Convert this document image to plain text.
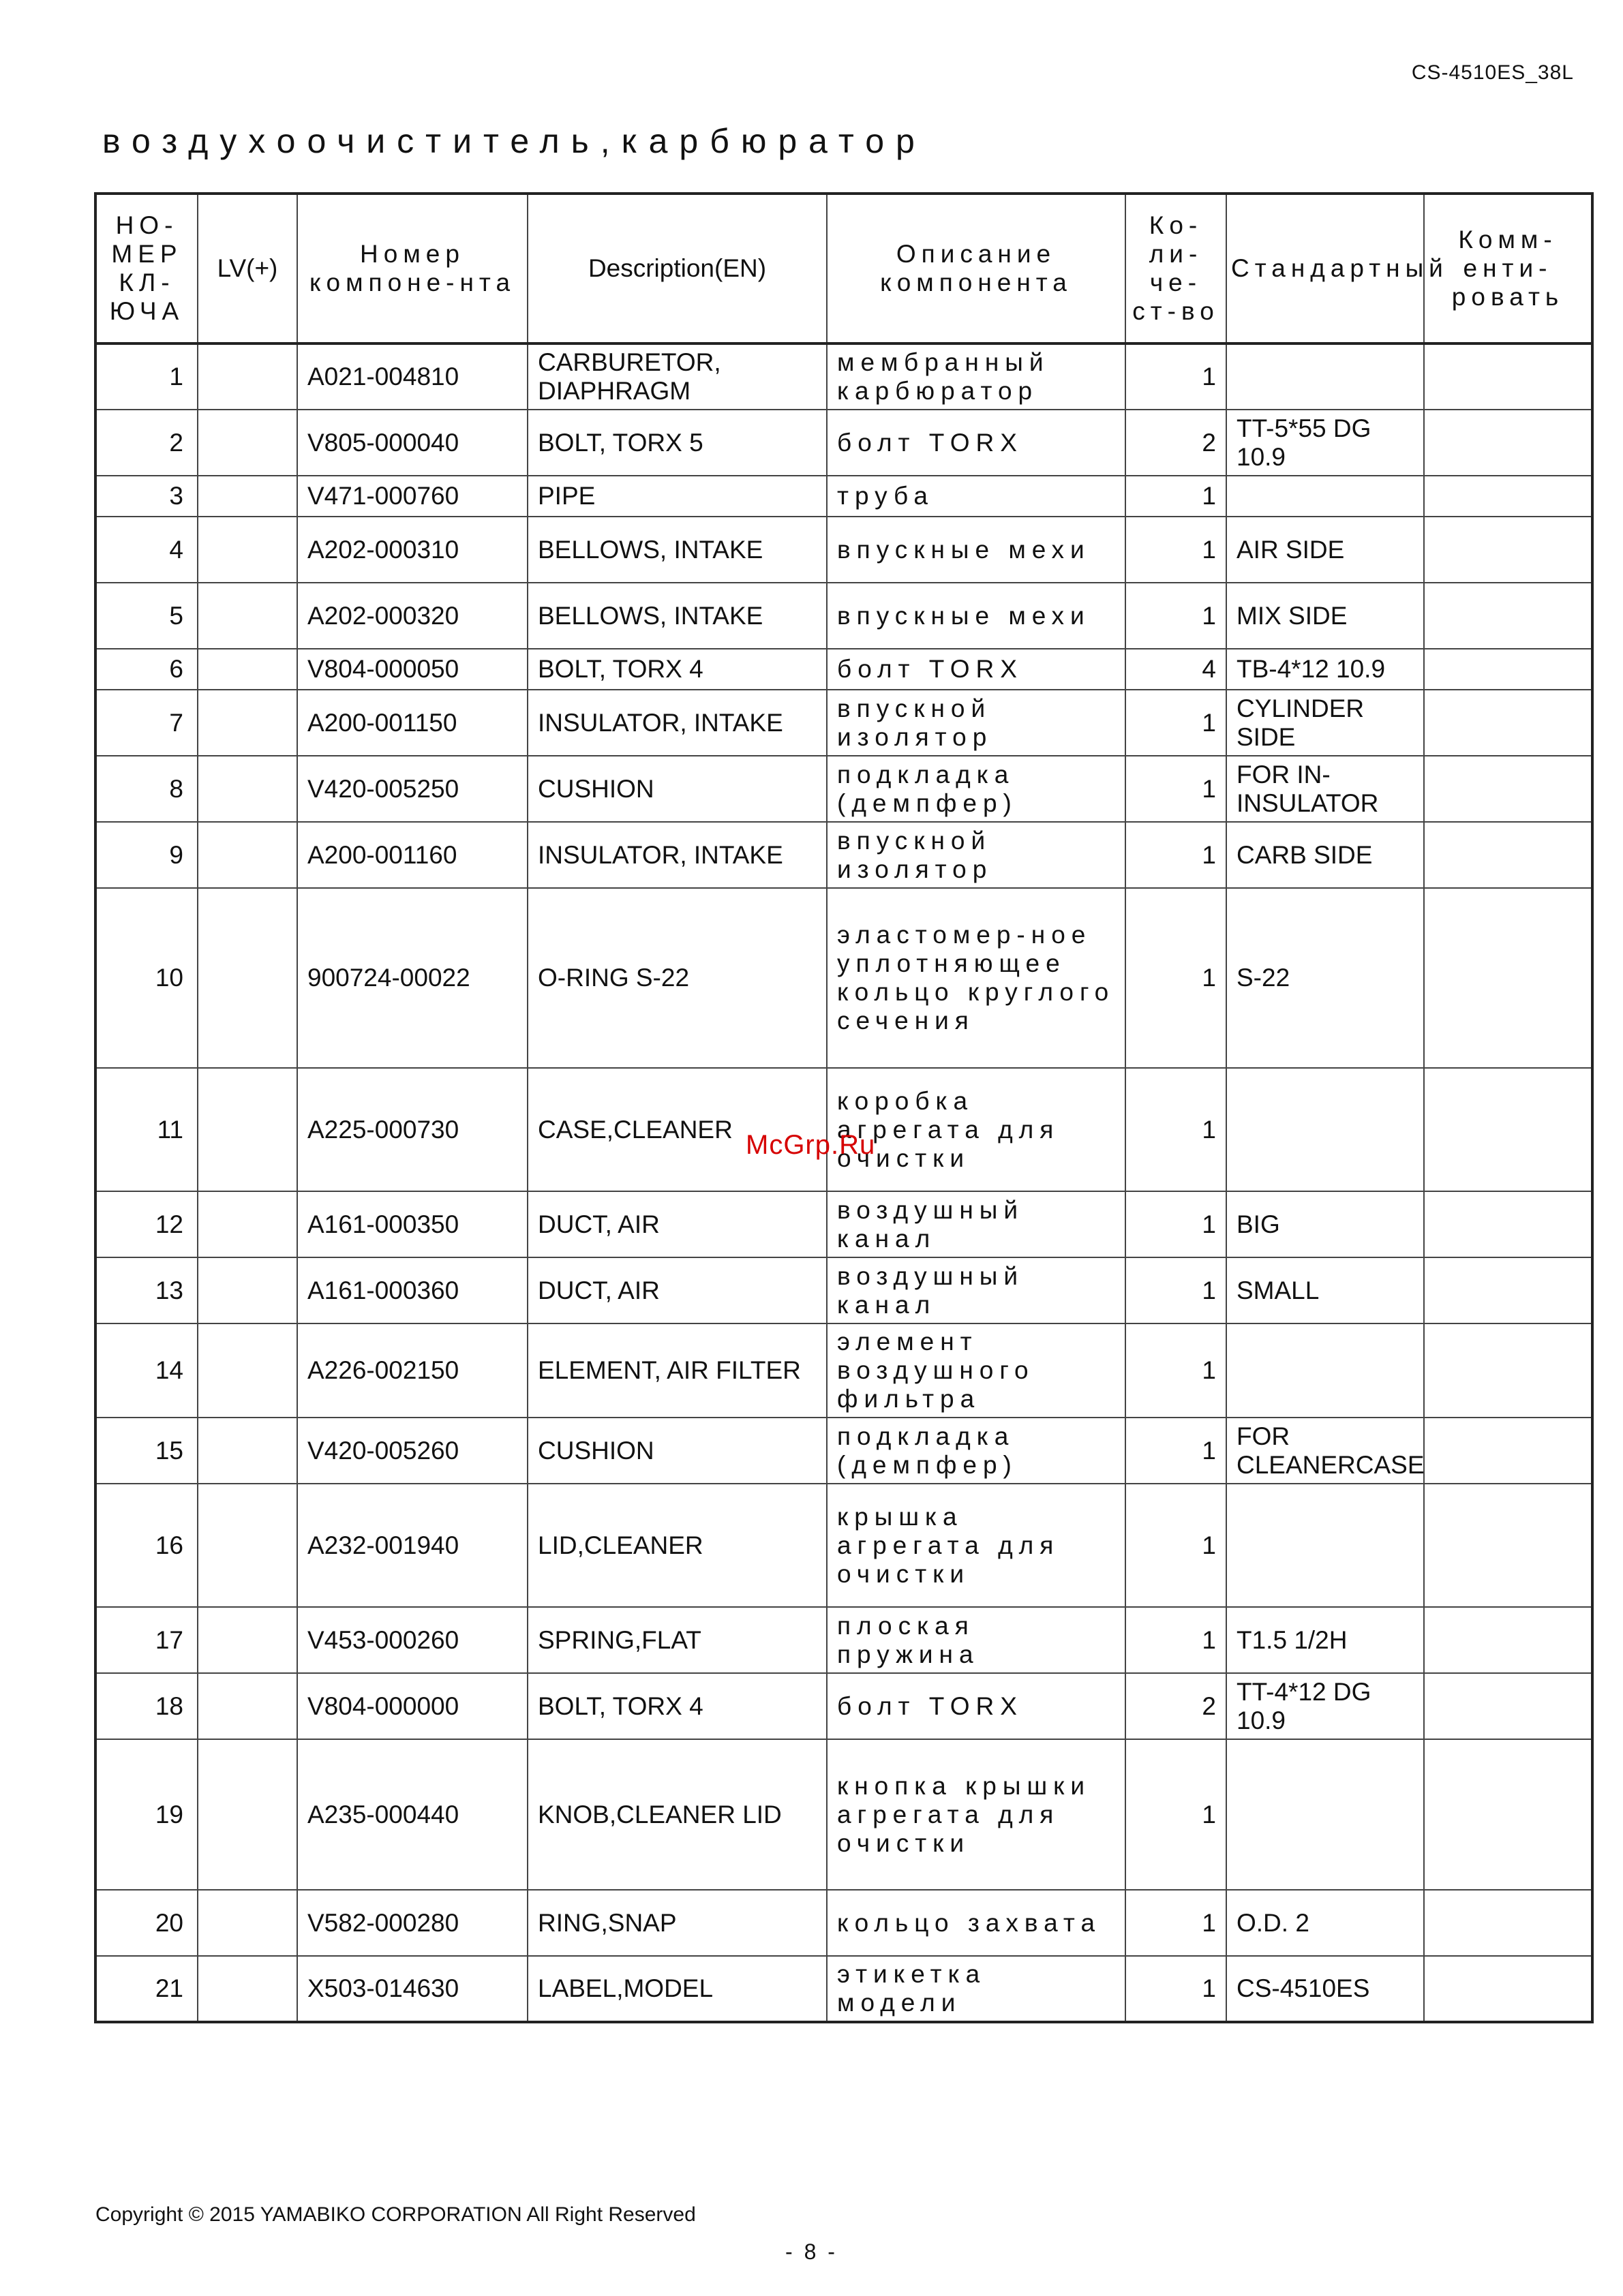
CS-4510ES_38L
воздухоочиститель,карбюратор
НО-МЕР КЛ-ЮЧА	LV(+)	Номер компоне-нта	Description(EN)	Описание компонента	Ко-ли-че-ст-во	Стандартный	Комм-енти-ровать
1		A021-004810	CARBURETOR, DIAPHRAGM	мембранный карбюратор	1		
2		V805-000040	BOLT, TORX 5	болт TORX	2	TT-5*55 DG 10.9	
3		V471-000760	PIPE	труба	1		
4		A202-000310	BELLOWS, INTAKE	впускные мехи	1	AIR SIDE	
5		A202-000320	BELLOWS, INTAKE	впускные мехи	1	MIX SIDE	
6		V804-000050	BOLT, TORX 4	болт TORX	4	TB-4*12 10.9	
7		A200-001150	INSULATOR, INTAKE	впускной изолятор	1	CYLINDER SIDE	
8		V420-005250	CUSHION	подкладка (демпфер)	1	FOR IN-INSULATOR	
9		A200-001160	INSULATOR, INTAKE	впускной изолятор	1	CARB SIDE	
10		900724-00022	O-RING S-22	эластомер-ное уплотняющее кольцо круглого сечения	1	S-22	
11		A225-000730	CASE,CLEANER	коробка агрегата для очистки	1		
12		A161-000350	DUCT, AIR	воздушный канал	1	BIG	
13		A161-000360	DUCT, AIR	воздушный канал	1	SMALL	
14		A226-002150	ELEMENT, AIR FILTER	элемент воздушного фильтра	1		
15		V420-005260	CUSHION	подкладка (демпфер)	1	FOR CLEANERCASE	
16		A232-001940	LID,CLEANER	крышка агрегата для очистки	1		
17		V453-000260	SPRING,FLAT	плоская пружина	1	T1.5 1/2H	
18		V804-000000	BOLT, TORX 4	болт TORX	2	TT-4*12 DG 10.9	
19		A235-000440	KNOB,CLEANER LID	кнопка крышки агрегата для очистки	1		
20		V582-000280	RING,SNAP	кольцо захвата	1	O.D. 2	
21		X503-014630	LABEL,MODEL	этикетка модели	1	CS-4510ES	
McGrp.Ru
Copyright © 2015 YAMABIKO CORPORATION All Right Reserved
- 8 -
